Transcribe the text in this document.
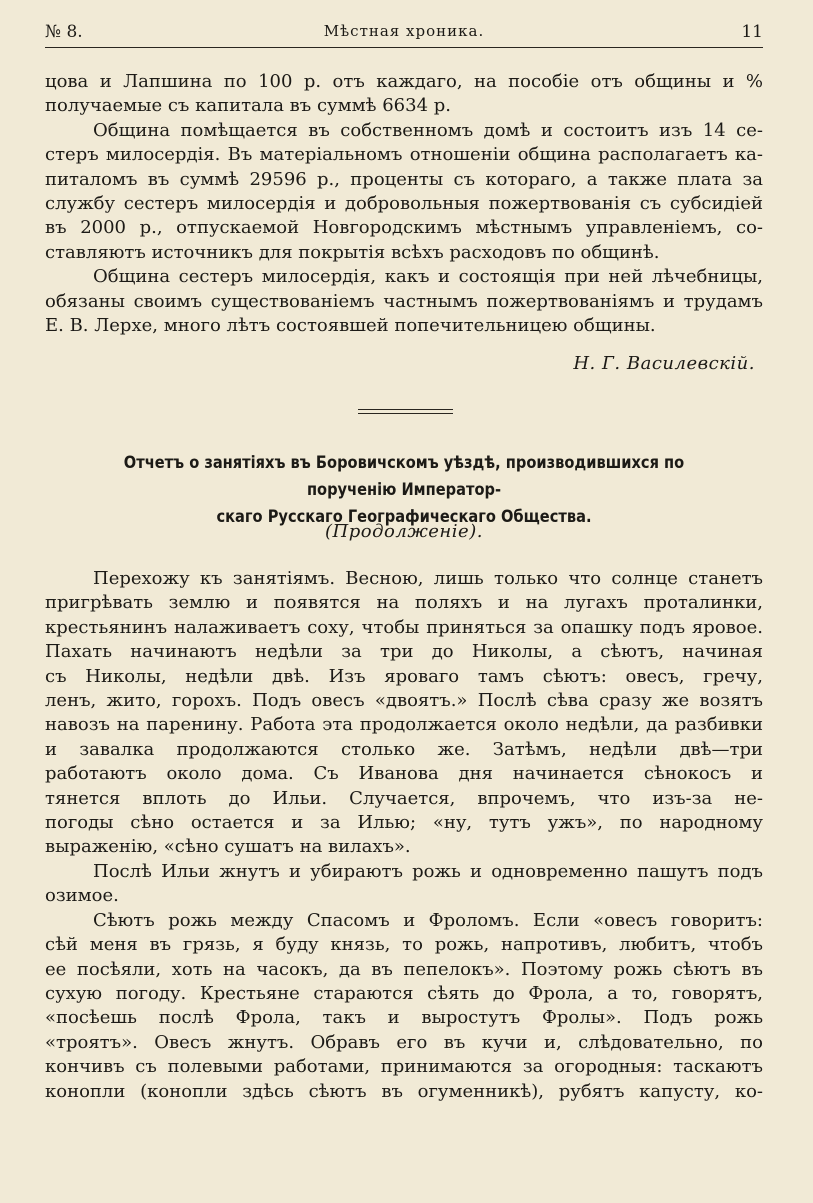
№ 8.	Мѣстная хроника.	11

цова и Лапшина по 100 р. отъ каждаго, на пособіе отъ общины и %

получаемые съ капитала въ суммѣ 6634 р.

Община помѣщается въ собственномъ домѣ и состоитъ изъ 14 се-

стеръ милосердія. Въ матеріальномъ отношеніи община располагаетъ ка-

питаломъ въ суммѣ 29596 р., проценты съ котораго, а также плата за

службу сестеръ милосердія и добровольныя пожертвованія съ субсидіей

въ 2000 р., отпускаемой Новгородскимъ мѣстнымъ управленіемъ, со-

ставляютъ источникъ для покрытія всѣхъ расходовъ по общинѣ.

Община сестеръ милосердія, какъ и состоящія при ней лѣчебницы,

обязаны своимъ существованіемъ частнымъ пожертвованіямъ и трудамъ

Е. В. Лерхе, много лѣтъ состоявшей попечительницею общины.

Н. Г. Василевскій.
Отчетъ о занятіяхъ въ Боровичскомъ уѣздѣ, производившихся по порученію Император-
скаго Русскаго Географическаго Общества.
(Продолженіе).

Перехожу къ занятіямъ. Весною, лишь только что солнце станетъ

пригрѣвать землю и появятся на поляхъ и на лугахъ проталинки,

крестьянинъ налаживаетъ соху, чтобы приняться за опашку подъ яровое.

Пахать начинаютъ недѣли за три до Николы, а сѣютъ, начиная

съ Николы, недѣли двѣ. Изъ яроваго тамъ сѣютъ: овесъ, гречу,

ленъ, жито, горохъ. Подъ овесъ «двоятъ.» Послѣ сѣва сразу же возятъ

навозъ на паренину. Работа эта продолжается около недѣли, да разбивки

и завалка продолжаются столько же. Затѣмъ, недѣли двѣ—три

работаютъ около дома. Съ Иванова дня начинается сѣнокосъ и

тянется вплоть до Ильи. Случается, впрочемъ, что изъ-за не-

погоды сѣно остается и за Илью; «ну, тутъ ужъ», по народному

выраженію, «сѣно сушатъ на вилахъ».

Послѣ Ильи жнутъ и убираютъ рожь и одновременно пашутъ подъ

озимое.

Сѣютъ рожь между Спасомъ и Фроломъ. Если «овесъ говоритъ:

сѣй меня въ грязь, я буду князь, то рожь, напротивъ, любитъ, чтобъ

ее посѣяли, хоть на часокъ, да въ пепелокъ». Поэтому рожь сѣютъ въ

сухую погоду. Крестьяне стараются сѣять до Фрола, а то, говорятъ,

«посѣешь послѣ Фрола, такъ и выростутъ Фролы». Подъ рожь

«троятъ». Овесъ жнутъ. Обравъ его въ кучи и, слѣдовательно, по

кончивъ съ полевыми работами, принимаются за огородныя: таскаютъ

конопли (конопли здѣсь сѣютъ въ огуменникѣ), рубятъ капусту, ко-
